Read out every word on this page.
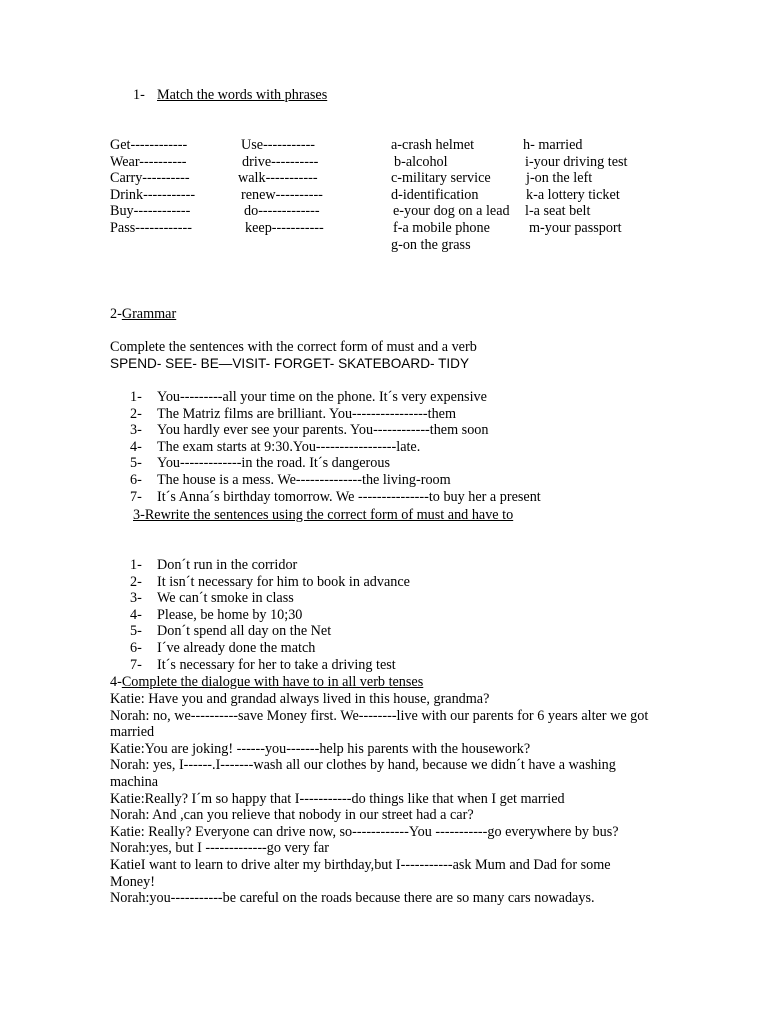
1- Match the words with phrases
Get------------
Wear----------
Carry----------
Drink-----------
Buy------------
Pass------------
Use-----------
drive----------
walk-----------
renew----------
do-------------
keep-----------
a-crash helmet
b-alcohol
c-military service
d-identification
e-your dog on a lead
f-a mobile phone
g-on the grass
h- married
i-your driving test
j-on the left
k-a lottery ticket
l-a seat belt
m-your passport
2-Grammar
Complete the sentences with the correct form of must and a verb
SPEND- SEE- BE—VISIT- FORGET- SKATEBOARD- TIDY
1- You---------all your time on the phone. It´s very expensive
2- The Matriz films are brilliant. You----------------them
3- You hardly ever see your parents. You------------them soon
4- The exam starts at 9:30.You-----------------late.
5- You-------------in the road. It´s dangerous
6- The house is a mess. We--------------the living-room
7- It´s Anna´s birthday tomorrow. We ---------------to buy her a present
3-Rewrite the sentences using the correct form of must and have to
1- Don´t run in the corridor
2- It isn´t necessary for him to book in advance
3- We can´t smoke in class
4- Please, be home by 10;30
5- Don´t spend all day on the Net
6- I´ve already done the match
7- It´s necessary for her to take a driving test
4-Complete the dialogue with have to in all verb tenses

Katie: Have you and grandad always lived in this house, grandma?

Norah: no, we----------save Money first. We--------live with our parents for 6 years alter we got married

Katie:You are joking! ------you-------help his parents with the housework?

Norah: yes, I------.I-------wash all our clothes by hand, because we didn´t have a washing machina

Katie:Really? I´m so happy that I-----------do things like that when I get married

Norah: And ,can you relieve that nobody in our street had a car?

Katie: Really? Everyone can drive now, so------------You -----------go everywhere by bus?

Norah:yes, but I -------------go very far

KatieI want to learn to drive alter my birthday,but I-----------ask Mum and Dad for some Money!

Norah:you-----------be careful on the roads because there are so many cars nowadays.
